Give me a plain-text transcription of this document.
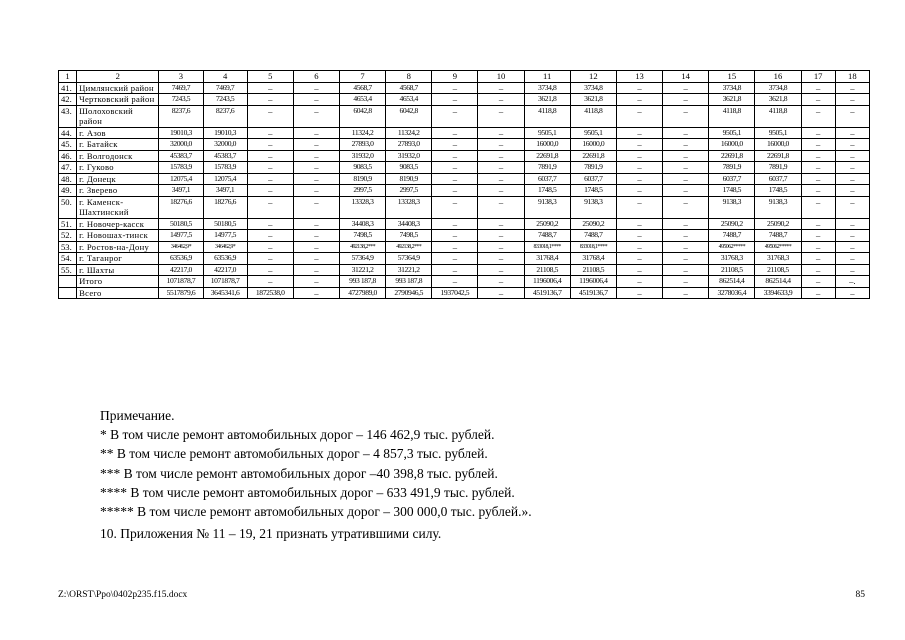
1	2	3	4	5	6	7	8	9	10	11	12	13	14	15	16	17	18
41.	Цимлянский район	7469,7	7469,7	–	–	4568,7	4568,7	–	–	3734,8	3734,8	–	–	3734,8	3734,8	–	–
42.	Чертковский район	7243,5	7243,5	–	–	4653,4	4653,4	–	–	3621,8	3621,8	–	–	3621,8	3621,8	–	–
43.	Шолоховский район	8237,6	8237,6	–	–	6042,8	6042,8	–	–	4118,8	4118,8	–	–	4118,8	4118,8	–	–
44.	г. Азов	19010,3	19010,3	–	–	11324,2	11324,2	–	–	9505,1	9505,1	–	–	9505,1	9505,1	–	–
45.	г. Батайск	32000,0	32000,0	–	–	27893,0	27893,0	–	–	16000,0	16000,0	–	–	16000,0	16000,0	–	–
46.	г. Волгодонск	45383,7	45383,7	–	–	31932,0	31932,0	–	–	22691,8	22691,8	–	–	22691,8	22691,8	–	–
47.	г. Гуково	15783,9	15783,9	–	–	9083,5	9083,5	–	–	7891,9	7891,9	–	–	7891,9	7891,9	–	–
48.	г. Донецк	12075,4	12075,4	–	–	8190,9	8190,9	–	–	6037,7	6037,7	–	–	6037,7	6037,7	–	–
49.	г. Зверево	3497,1	3497,1	–	–	2997,5	2997,5	–	–	1748,5	1748,5	–	–	1748,5	1748,5	–	–
50.	г. Каменск-Шахтинский	18276,6	18276,6	–	–	13328,3	13328,3	–	–	9138,3	9138,3	–	–	9138,3	9138,3	–	–
51.	г. Новочер-касск	50180,5	50180,5	–	–	34408,3	34408,3	–	–	25090,2	25090,2	–	–	25090,2	25090,2	–	–
52.	г. Новошах-тинск	14977,5	14977,5	–	–	7498,5	7498,5	–	–	7488,7	7488,7	–	–	7488,7	7488,7	–	–
53.	г. Ростов-на-Дону	346462,9*	346462,9*	–	–	492138,2***	492138,2***	–	–	833018,1****	833018,1****	–	–	495062*****	495062*****	–	–
54.	г. Таганрог	63536,9	63536,9	–	–	57364,9	57364,9	–	–	31768,4	31768,4	–	–	31768,3	31768,3	–	–
55.	г. Шахты	42217,0	42217,0	–	–	31221,2	31221,2	–	–	21108,5	21108,5	–	–	21108,5	21108,5	–	–
	Итого	1071878,7	1071878,7	–	–	993 187,8	993 187,8	–	–	1196006,4	1196006,4	–	–	862514,4	862514,4	–	–.
	Всего	5517879,6	3645341,6	1872538,0	–	4727989,0	2790946,5	1937042,5	–	4519136,7	4519136,7	–	–	3278036,4	3394633,9	–	–

Примечание.

* В том числе ремонт автомобильных дорог – 146 462,9 тыс. рублей.

** В том числе ремонт автомобильных дорог – 4 857,3 тыс. рублей.

*** В том числе ремонт автомобильных дорог –40 398,8 тыс. рублей.

**** В том числе ремонт автомобильных дорог – 633 491,9 тыс. рублей.

***** В том числе ремонт автомобильных дорог – 300 000,0 тыс. рублей.».

10. Приложения № 11 – 19, 21 признать утратившими силу.

Z:\ORST\Ppo\0402p235.f15.docx	85
